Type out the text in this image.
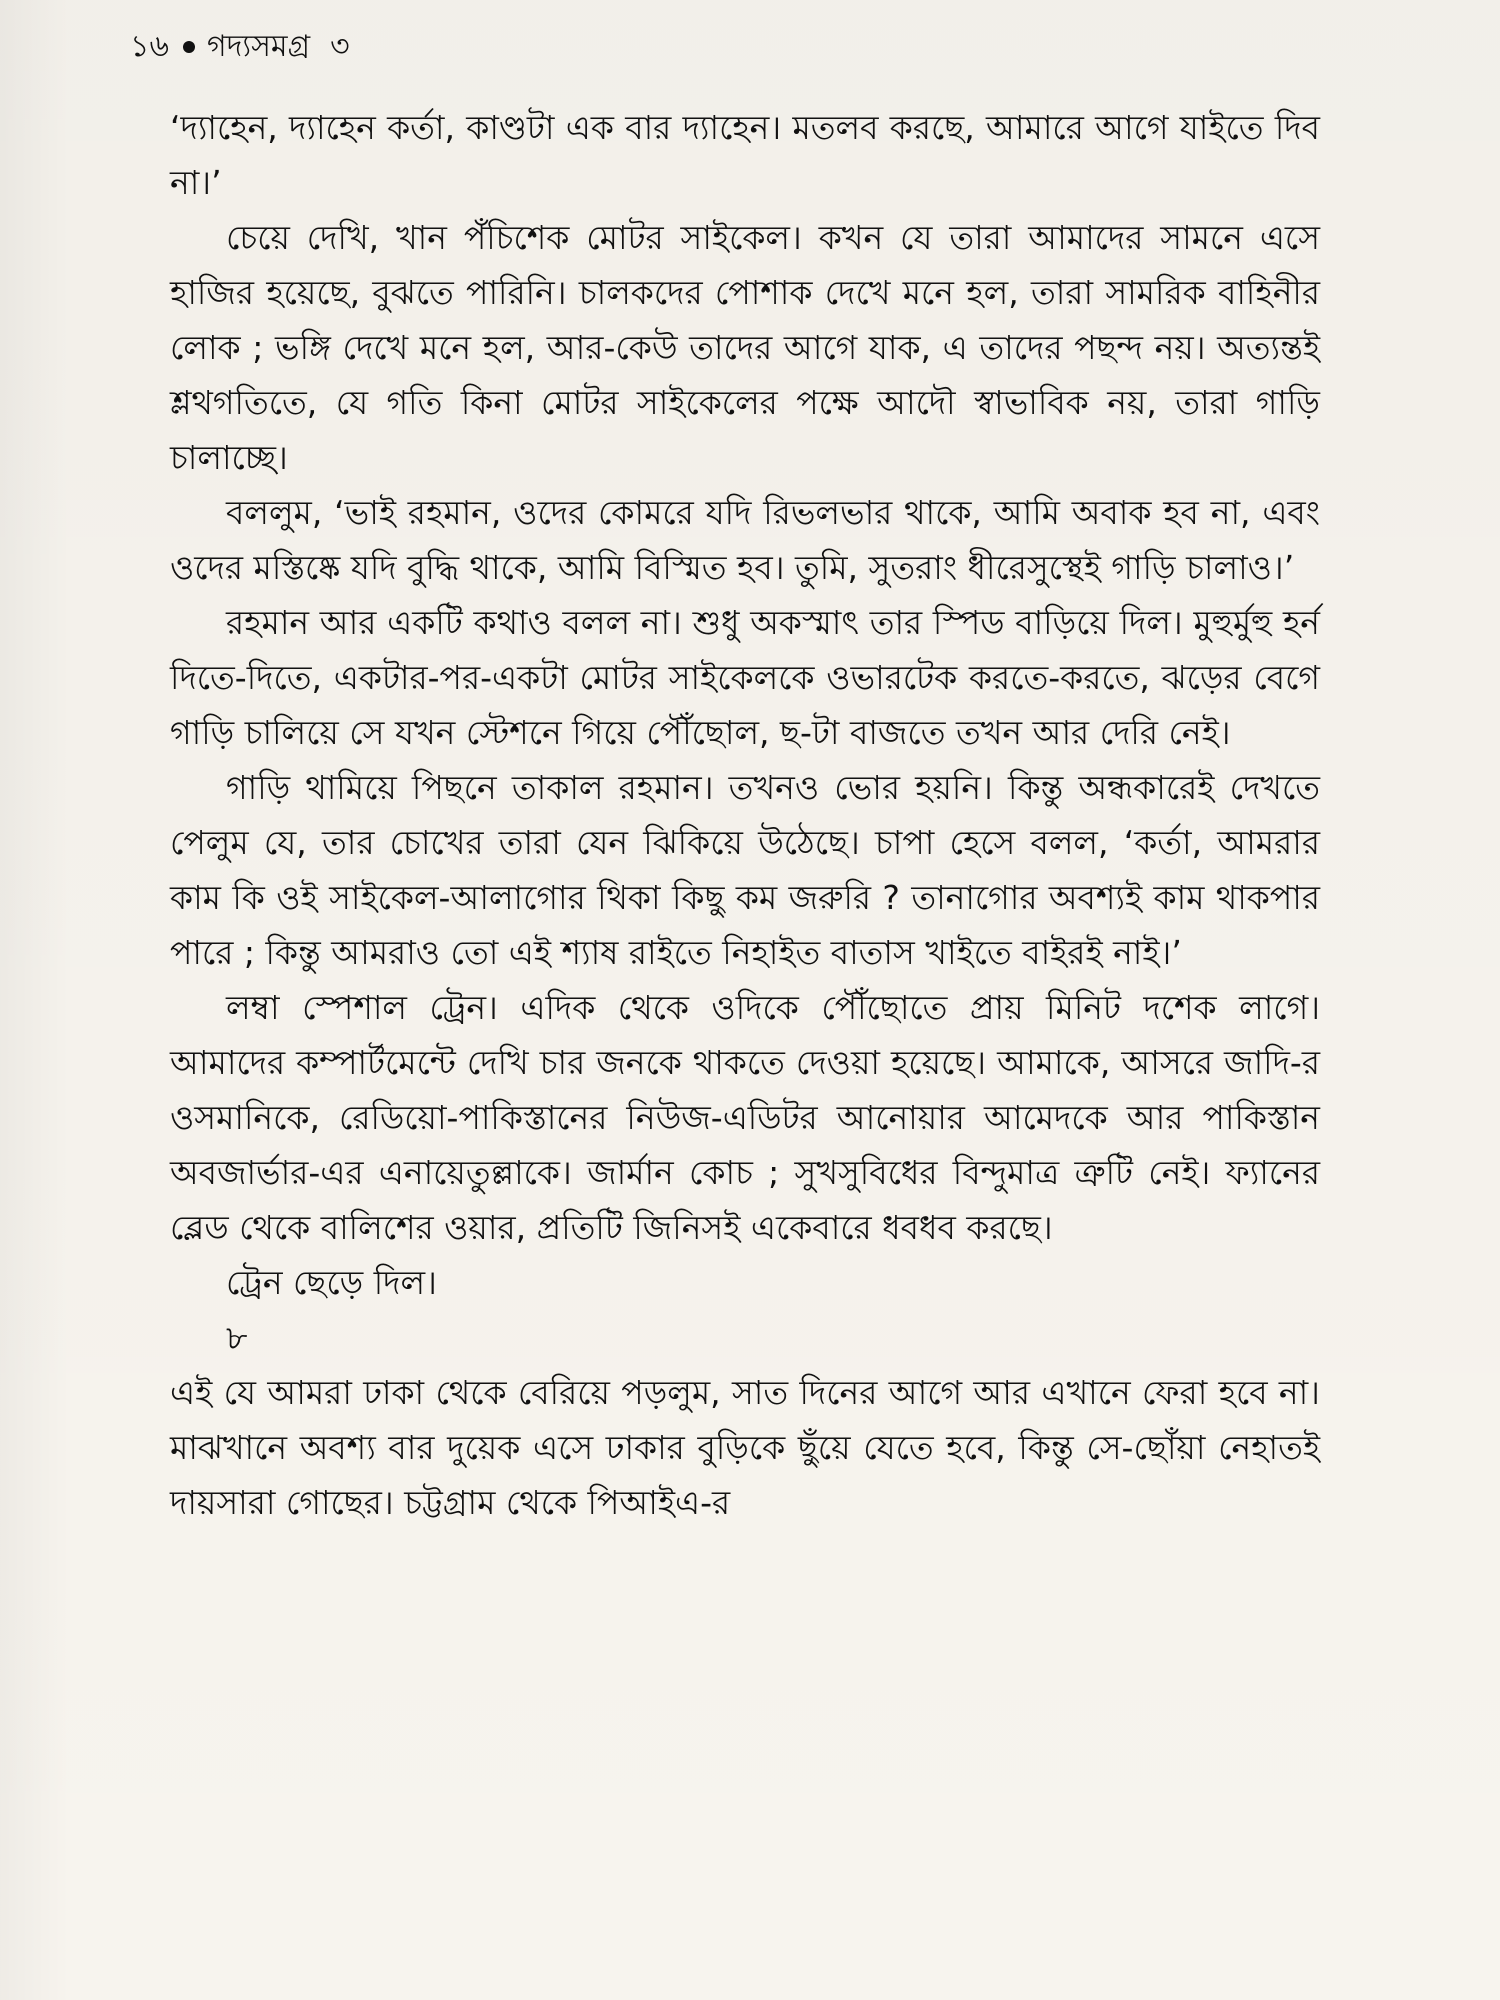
১৬ গদ্যসমগ্র ৩

‘দ্যাহেন, দ্যাহেন কর্তা, কাণ্ডটা এক বার দ্যাহেন। মতলব করছে, আমারে আগে যাইতে দিব না।’

চেয়ে দেখি, খান পঁচিশেক মোটর সাইকেল। কখন যে তারা আমাদের সামনে এসে হাজির হয়েছে, বুঝতে পারিনি। চালকদের পোশাক দেখে মনে হল, তারা সামরিক বাহিনীর লোক ; ভঙ্গি দেখে মনে হল, আর-কেউ তাদের আগে যাক, এ তাদের পছন্দ নয়। অত্যন্তই শ্লথগতিতে, যে গতি কিনা মোটর সাইকেলের পক্ষে আদৌ স্বাভাবিক নয়, তারা গাড়ি চালাচ্ছে।

বললুম, ‘ভাই রহমান, ওদের কোমরে যদি রিভলভার থাকে, আমি অবাক হব না, এবং ওদের মস্তিষ্কে যদি বুদ্ধি থাকে, আমি বিস্মিত হব। তুমি, সুতরাং ধীরেসুস্থেই গাড়ি চালাও।’

রহমান আর একটি কথাও বলল না। শুধু অকস্মাৎ তার স্পিড বাড়িয়ে দিল। মুহুর্মুহু হর্ন দিতে-দিতে, একটার-পর-একটা মোটর সাইকেলকে ওভারটেক করতে-করতে, ঝড়ের বেগে গাড়ি চালিয়ে সে যখন স্টেশনে গিয়ে পৌঁছোল, ছ-টা বাজতে তখন আর দেরি নেই।

গাড়ি থামিয়ে পিছনে তাকাল রহমান। তখনও ভোর হয়নি। কিন্তু অন্ধকারেই দেখতে পেলুম যে, তার চোখের তারা যেন ঝিকিয়ে উঠেছে। চাপা হেসে বলল, ‘কর্তা, আমরার কাম কি ওই সাইকেল-আলাগোর থিকা কিছু কম জরুরি ? তানাগোর অবশ্যই কাম থাকপার পারে ; কিন্তু আমরাও তো এই শ্যাষ রাইতে নিহাইত বাতাস খাইতে বাইরই নাই।’

লম্বা স্পেশাল ট্রেন। এদিক থেকে ওদিকে পৌঁছোতে প্রায় মিনিট দশেক লাগে। আমাদের কম্পার্টমেন্টে দেখি চার জনকে থাকতে দেওয়া হয়েছে। আমাকে, আসরে জাদি-র ওসমানিকে, রেডিয়ো-পাকিস্তানের নিউজ-এডিটর আনোয়ার আমেদকে আর পাকিস্তান অবজার্ভার-এর এনায়েতুল্লাকে। জার্মান কোচ ; সুখসুবিধের বিন্দুমাত্র ত্রুটি নেই। ফ্যানের ব্লেড থেকে বালিশের ওয়ার, প্রতিটি জিনিসই একেবারে ধবধব করছে।

ট্রেন ছেড়ে দিল।

৮

এই যে আমরা ঢাকা থেকে বেরিয়ে পড়লুম, সাত দিনের আগে আর এখানে ফেরা হবে না। মাঝখানে অবশ্য বার দুয়েক এসে ঢাকার বুড়িকে ছুঁয়ে যেতে হবে, কিন্তু সে-ছোঁয়া নেহাতই দায়সারা গোছের। চট্টগ্রাম থেকে পিআইএ-র
